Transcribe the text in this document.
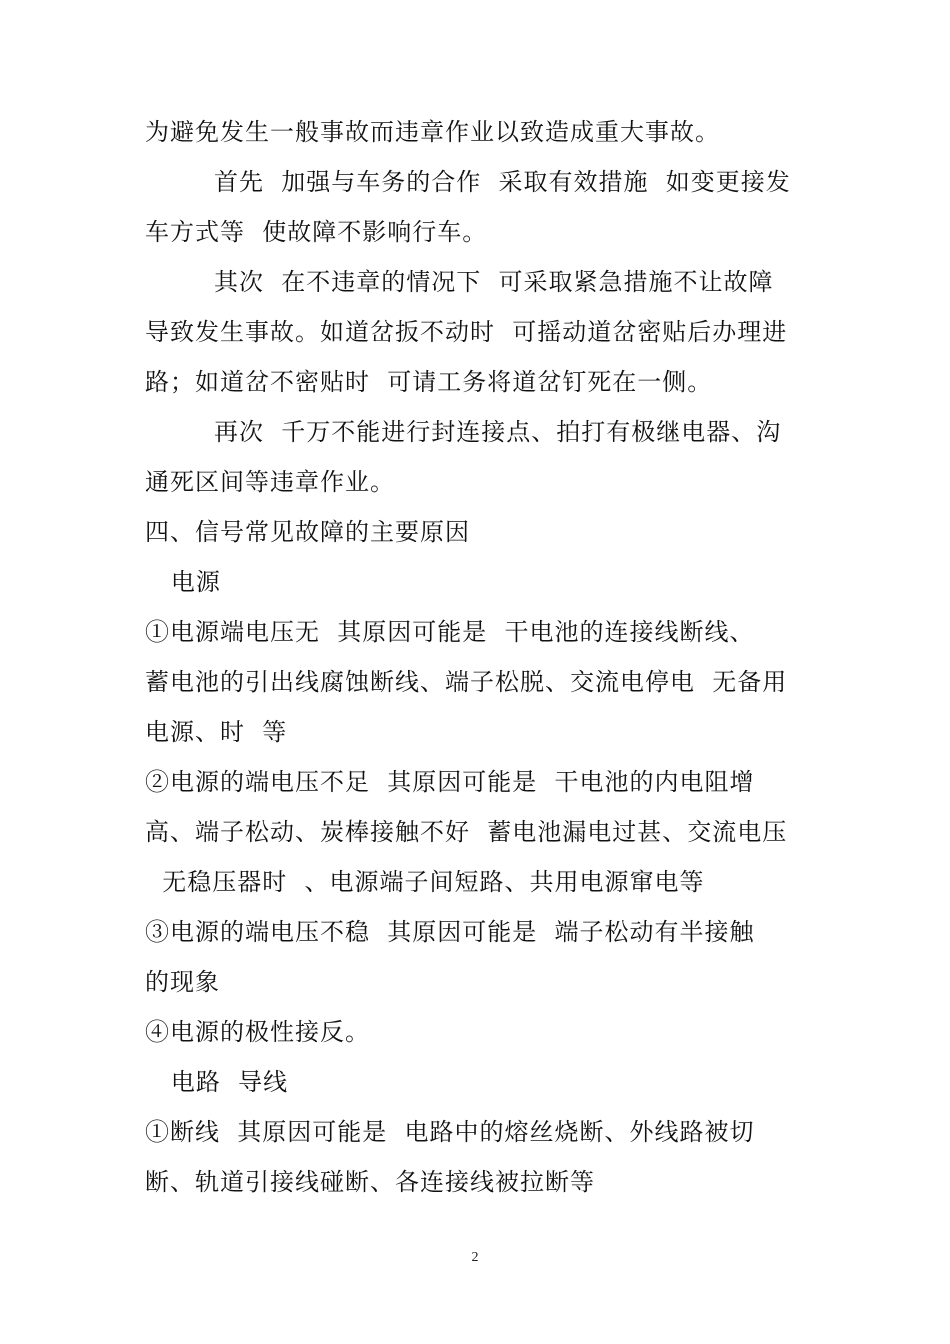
为避免发生一般事故而违章作业以致造成重大事故。
首先  加强与车务的合作  采取有效措施  如变更接发
车方式等  使故障不影响行车。
其次  在不违章的情况下  可采取紧急措施不让故障
导致发生事故。如道岔扳不动时  可摇动道岔密贴后办理进
路；如道岔不密贴时  可请工务将道岔钉死在一侧。
再次  千万不能进行封连接点、拍打有极继电器、沟
通死区间等违章作业。
四、信号常见故障的主要原因
电源
①电源端电压无  其原因可能是  干电池的连接线断线、
蓄电池的引出线腐蚀断线、端子松脱、交流电停电  无备用
电源、时  等
②电源的端电压不足  其原因可能是  干电池的内电阻增
高、端子松动、炭棒接触不好  蓄电池漏电过甚、交流电压
无稳压器时  、电源端子间短路、共用电源窜电等
③电源的端电压不稳  其原因可能是  端子松动有半接触
的现象
④电源的极性接反。
电路  导线
①断线  其原因可能是  电路中的熔丝烧断、外线路被切
断、轨道引接线碰断、各连接线被拉断等
2
